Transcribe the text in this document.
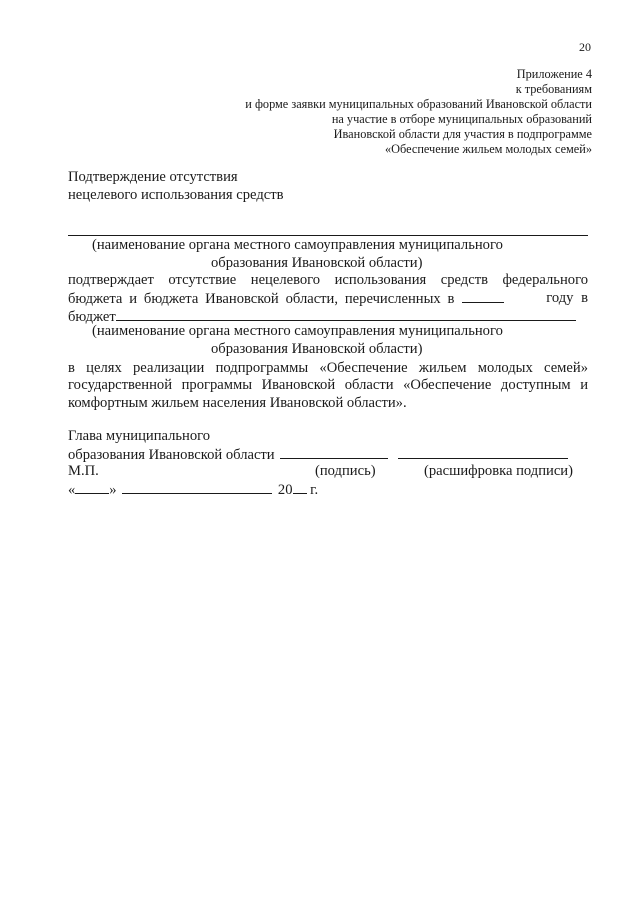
20
Приложение 4
к требованиям
и форме заявки муниципальных образований Ивановской области
на участие в отборе муниципальных образований
Ивановской области для участия в подпрограмме
«Обеспечение жильем молодых семей»
Подтверждение отсутствия
нецелевого использования средств
(наименование органа местного самоуправления муниципального
образования Ивановской области)
подтверждает отсутствие нецелевого использования средств федерального
бюджета и бюджета Ивановской области, перечисленных в	году в
бюджет
(наименование органа местного самоуправления муниципального
образования Ивановской области)
в целях реализации подпрограммы «Обеспечение жильем молодых семей»
государственной программы Ивановской области «Обеспечение доступным и
комфортным жильем населения Ивановской области».
Глава муниципального
образования Ивановской области
М.П.	(подпись)	(расшифровка подписи)
« »	20 г.
